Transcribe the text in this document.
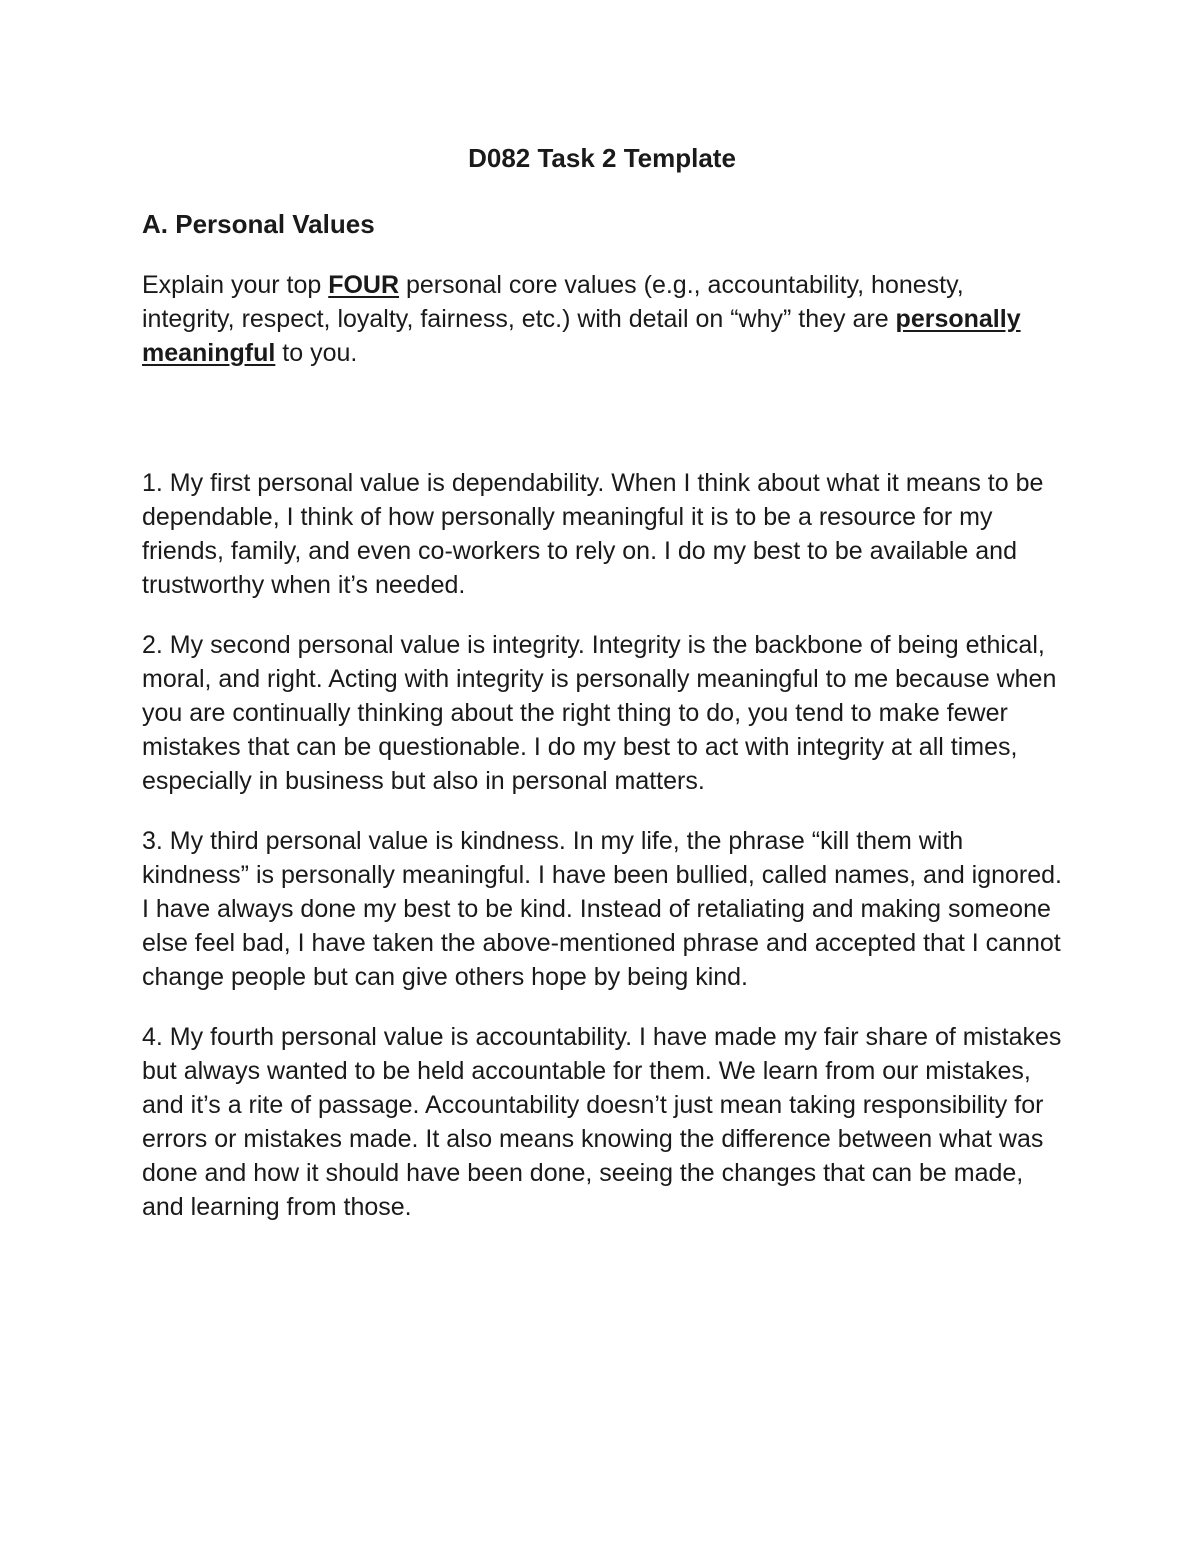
D082 Task 2 Template
A. Personal Values

Explain your top FOUR personal core values (e.g., accountability, honesty, integrity, respect, loyalty, fairness, etc.) with detail on “why” they are personally meaningful to you.

1. My first personal value is dependability. When I think about what it means to be dependable, I think of how personally meaningful it is to be a resource for my friends, family, and even co-workers to rely on. I do my best to be available and trustworthy when it’s needed.

2. My second personal value is integrity. Integrity is the backbone of being ethical, moral, and right. Acting with integrity is personally meaningful to me because when you are continually thinking about the right thing to do, you tend to make fewer mistakes that can be questionable. I do my best to act with integrity at all times, especially in business but also in personal matters.

3. My third personal value is kindness. In my life, the phrase “kill them with kindness” is personally meaningful. I have been bullied, called names, and ignored. I have always done my best to be kind. Instead of retaliating and making someone else feel bad, I have taken the above-mentioned phrase and accepted that I cannot change people but can give others hope by being kind.

4. My fourth personal value is accountability. I have made my fair share of mistakes but always wanted to be held accountable for them. We learn from our mistakes, and it’s a rite of passage. Accountability doesn’t just mean taking responsibility for errors or mistakes made. It also means knowing the difference between what was done and how it should have been done, seeing the changes that can be made, and learning from those.
